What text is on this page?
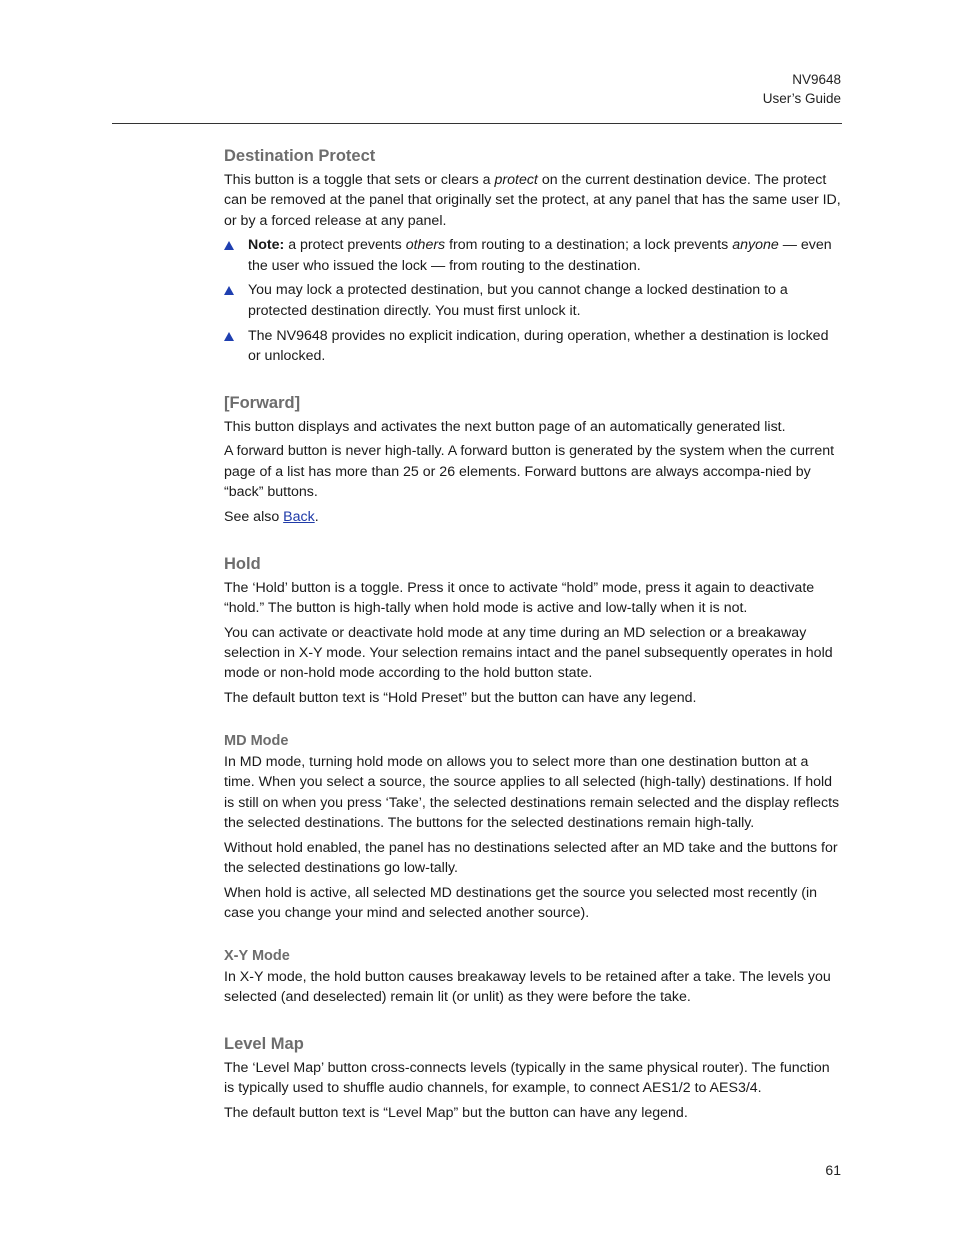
NV9648
User’s Guide
Destination Protect

This button is a toggle that sets or clears a protect on the current destination device. The protect can be removed at the panel that originally set the protect, at any panel that has the same user ID, or by a forced release at any panel.

Note: a protect prevents others from routing to a destination; a lock prevents anyone — even the user who issued the lock — from routing to the destination.
You may lock a protected destination, but you cannot change a locked destination to a protected destination directly. You must first unlock it.
The NV9648 provides no explicit indication, during operation, whether a destination is locked or unlocked.
[Forward]

This button displays and activates the next button page of an automatically generated list.

A forward button is never high-tally. A forward button is generated by the system when the current page of a list has more than 25 or 26 elements. Forward buttons are always accompa-nied by “back” buttons.

See also Back.

Hold

The ‘Hold’ button is a toggle. Press it once to activate “hold” mode, press it again to deactivate “hold.” The button is high-tally when hold mode is active and low-tally when it is not.

You can activate or deactivate hold mode at any time during an MD selection or a breakaway selection in X-Y mode. Your selection remains intact and the panel subsequently operates in hold mode or non-hold mode according to the hold button state.

The default button text is “Hold Preset” but the button can have any legend.

MD Mode

In MD mode, turning hold mode on allows you to select more than one destination button at a time. When you select a source, the source applies to all selected (high-tally) destinations. If hold is still on when you press ‘Take’, the selected destinations remain selected and the display reflects the selected destinations. The buttons for the selected destinations remain high-tally.

Without hold enabled, the panel has no destinations selected after an MD take and the buttons for the selected destinations go low-tally.

When hold is active, all selected MD destinations get the source you selected most recently (in case you change your mind and selected another source).

X-Y Mode

In X-Y mode, the hold button causes breakaway levels to be retained after a take. The levels you selected (and deselected) remain lit (or unlit) as they were before the take.

Level Map

The ‘Level Map’ button cross-connects levels (typically in the same physical router). The function is typically used to shuffle audio channels, for example, to connect AES1/2 to AES3/4.

The default button text is “Level Map” but the button can have any legend.

61
